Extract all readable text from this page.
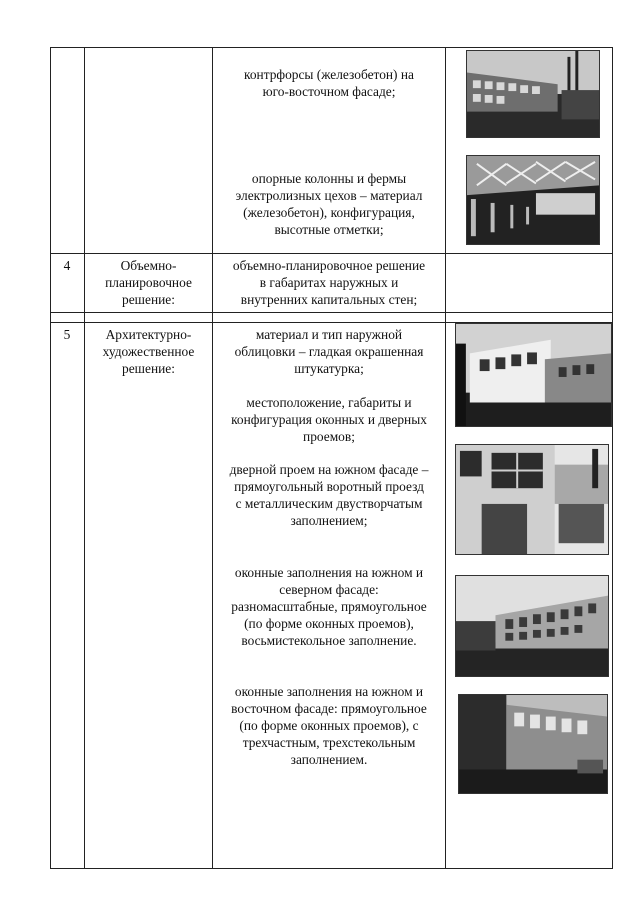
контрфорсы (железобетон) на
юго-восточном фасаде;
опорные колонны и фермы
электролизных цехов – материал
(железобетон), конфигурация,
высотные отметки;
4	Объемно-
планировочное
решение:
объемно-планировочное решение
в габаритах наружных и
внутренних капитальных стен;
5	Архитектурно-
художественное
решение:
материал и тип наружной
облицовки – гладкая окрашенная
штукатурка;
местоположение, габариты и
конфигурация оконных и дверных
проемов;
дверной проем на южном фасаде –
прямоугольный воротный проезд
с металлическим двустворчатым
заполнением;
оконные заполнения на южном и
северном фасаде:
разномасштабные, прямоугольное
(по форме оконных проемов),
восьмистекольное заполнение.
оконные заполнения на южном и
восточном фасаде: прямоугольное
(по форме оконных проемов), с
трехчастным, трехстекольным
заполнением.
